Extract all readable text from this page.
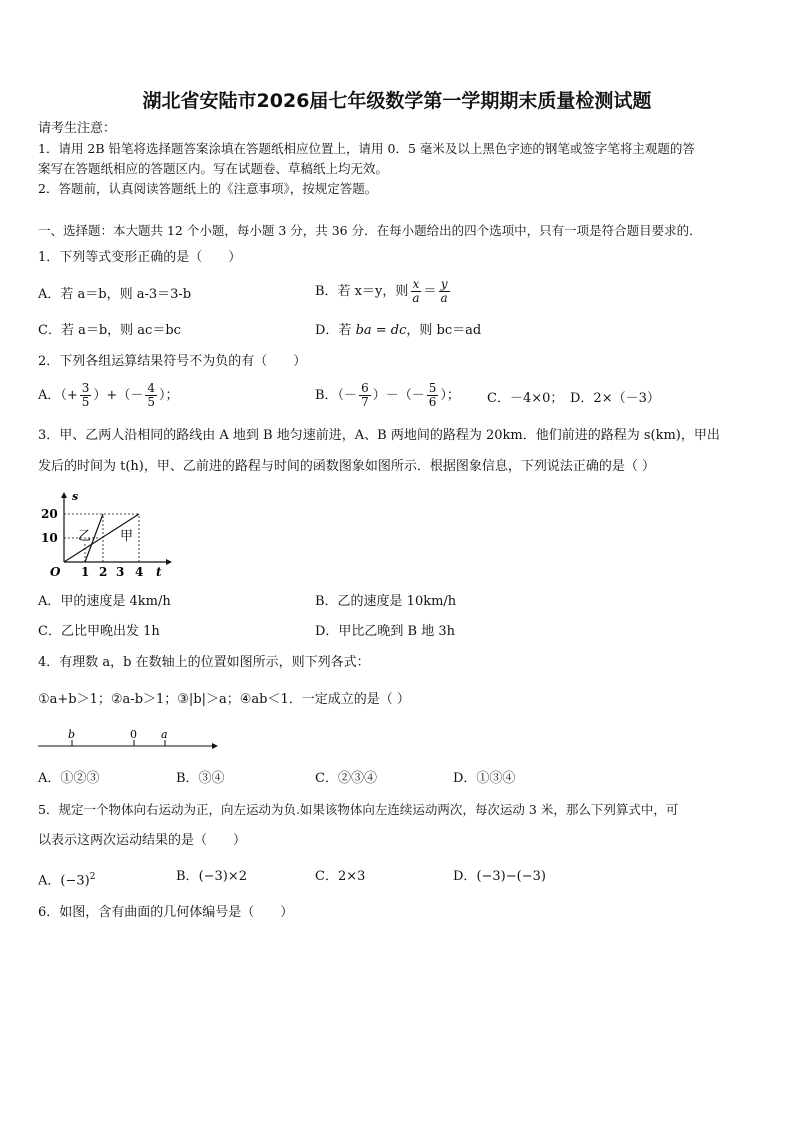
湖北省安陆市2026届七年级数学第一学期期末质量检测试题
请考生注意：
1．请用 2B 铅笔将选择题答案涂填在答题纸相应位置上，请用 0．5 毫米及以上黑色字迹的钢笔或签字笔将主观题的答
案写在答题纸相应的答题区内。写在试题卷、草稿纸上均无效。
2．答题前，认真阅读答题纸上的《注意事项》，按规定答题。
一、选择题：本大题共 12 个小题，每小题 3 分，共 36 分．在每小题给出的四个选项中，只有一项是符合题目要求的．
1．下列等式变形正确的是（　　）
A．若 a＝b，则 a-3＝3-b	B．若 x＝y，则 $\frac{x}{a} = \frac{y}{a}$
C．若 a＝b，则 ac＝bc	D．若 ba = dc，则 bc＝ad
2．下列各组运算结果符号不为负的有（　　）
A．（+ $\frac{3}{5}$ ）+（－ $\frac{4}{5}$ ）；	B．（－ $\frac{6}{7}$ ）－（－ $\frac{5}{6}$ ）； C．－4×0； D．2×（－3）
3．甲、乙两人沿相同的路线由 A 地到 B 地匀速前进，A、B 两地间的路程为 20km．他们前进的路程为 s(km)，甲出
发后的时间为 t(h)，甲、乙前进的路程与时间的函数图象如图所示．根据图象信息，下列说法正确的是（ ）
s
20
10
O 1 2 3 4 t
乙 甲
A．甲的速度是 4km/h	B．乙的速度是 10km/h
C．乙比甲晚出发 1h	D．甲比乙晚到 B 地 3h
4．有理数 a，b 在数轴上的位置如图所示，则下列各式：
①a+b＞1；②a-b＞1；③|b|＞a；④ab＜1．一定成立的是（ ）
b	0 a
A．①②③	B．③④	C．②③④	D．①③④
5．规定一个物体向右运动为正，向左运动为负.如果该物体向左连续运动两次，每次运动 3 米，那么下列算式中，可
以表示这两次运动结果的是（　　）
A．$(-3)^2$	B．(−3)×2	C．2×3	D．(−3)−(−3)
6．如图，含有曲面的几何体编号是（　　）
